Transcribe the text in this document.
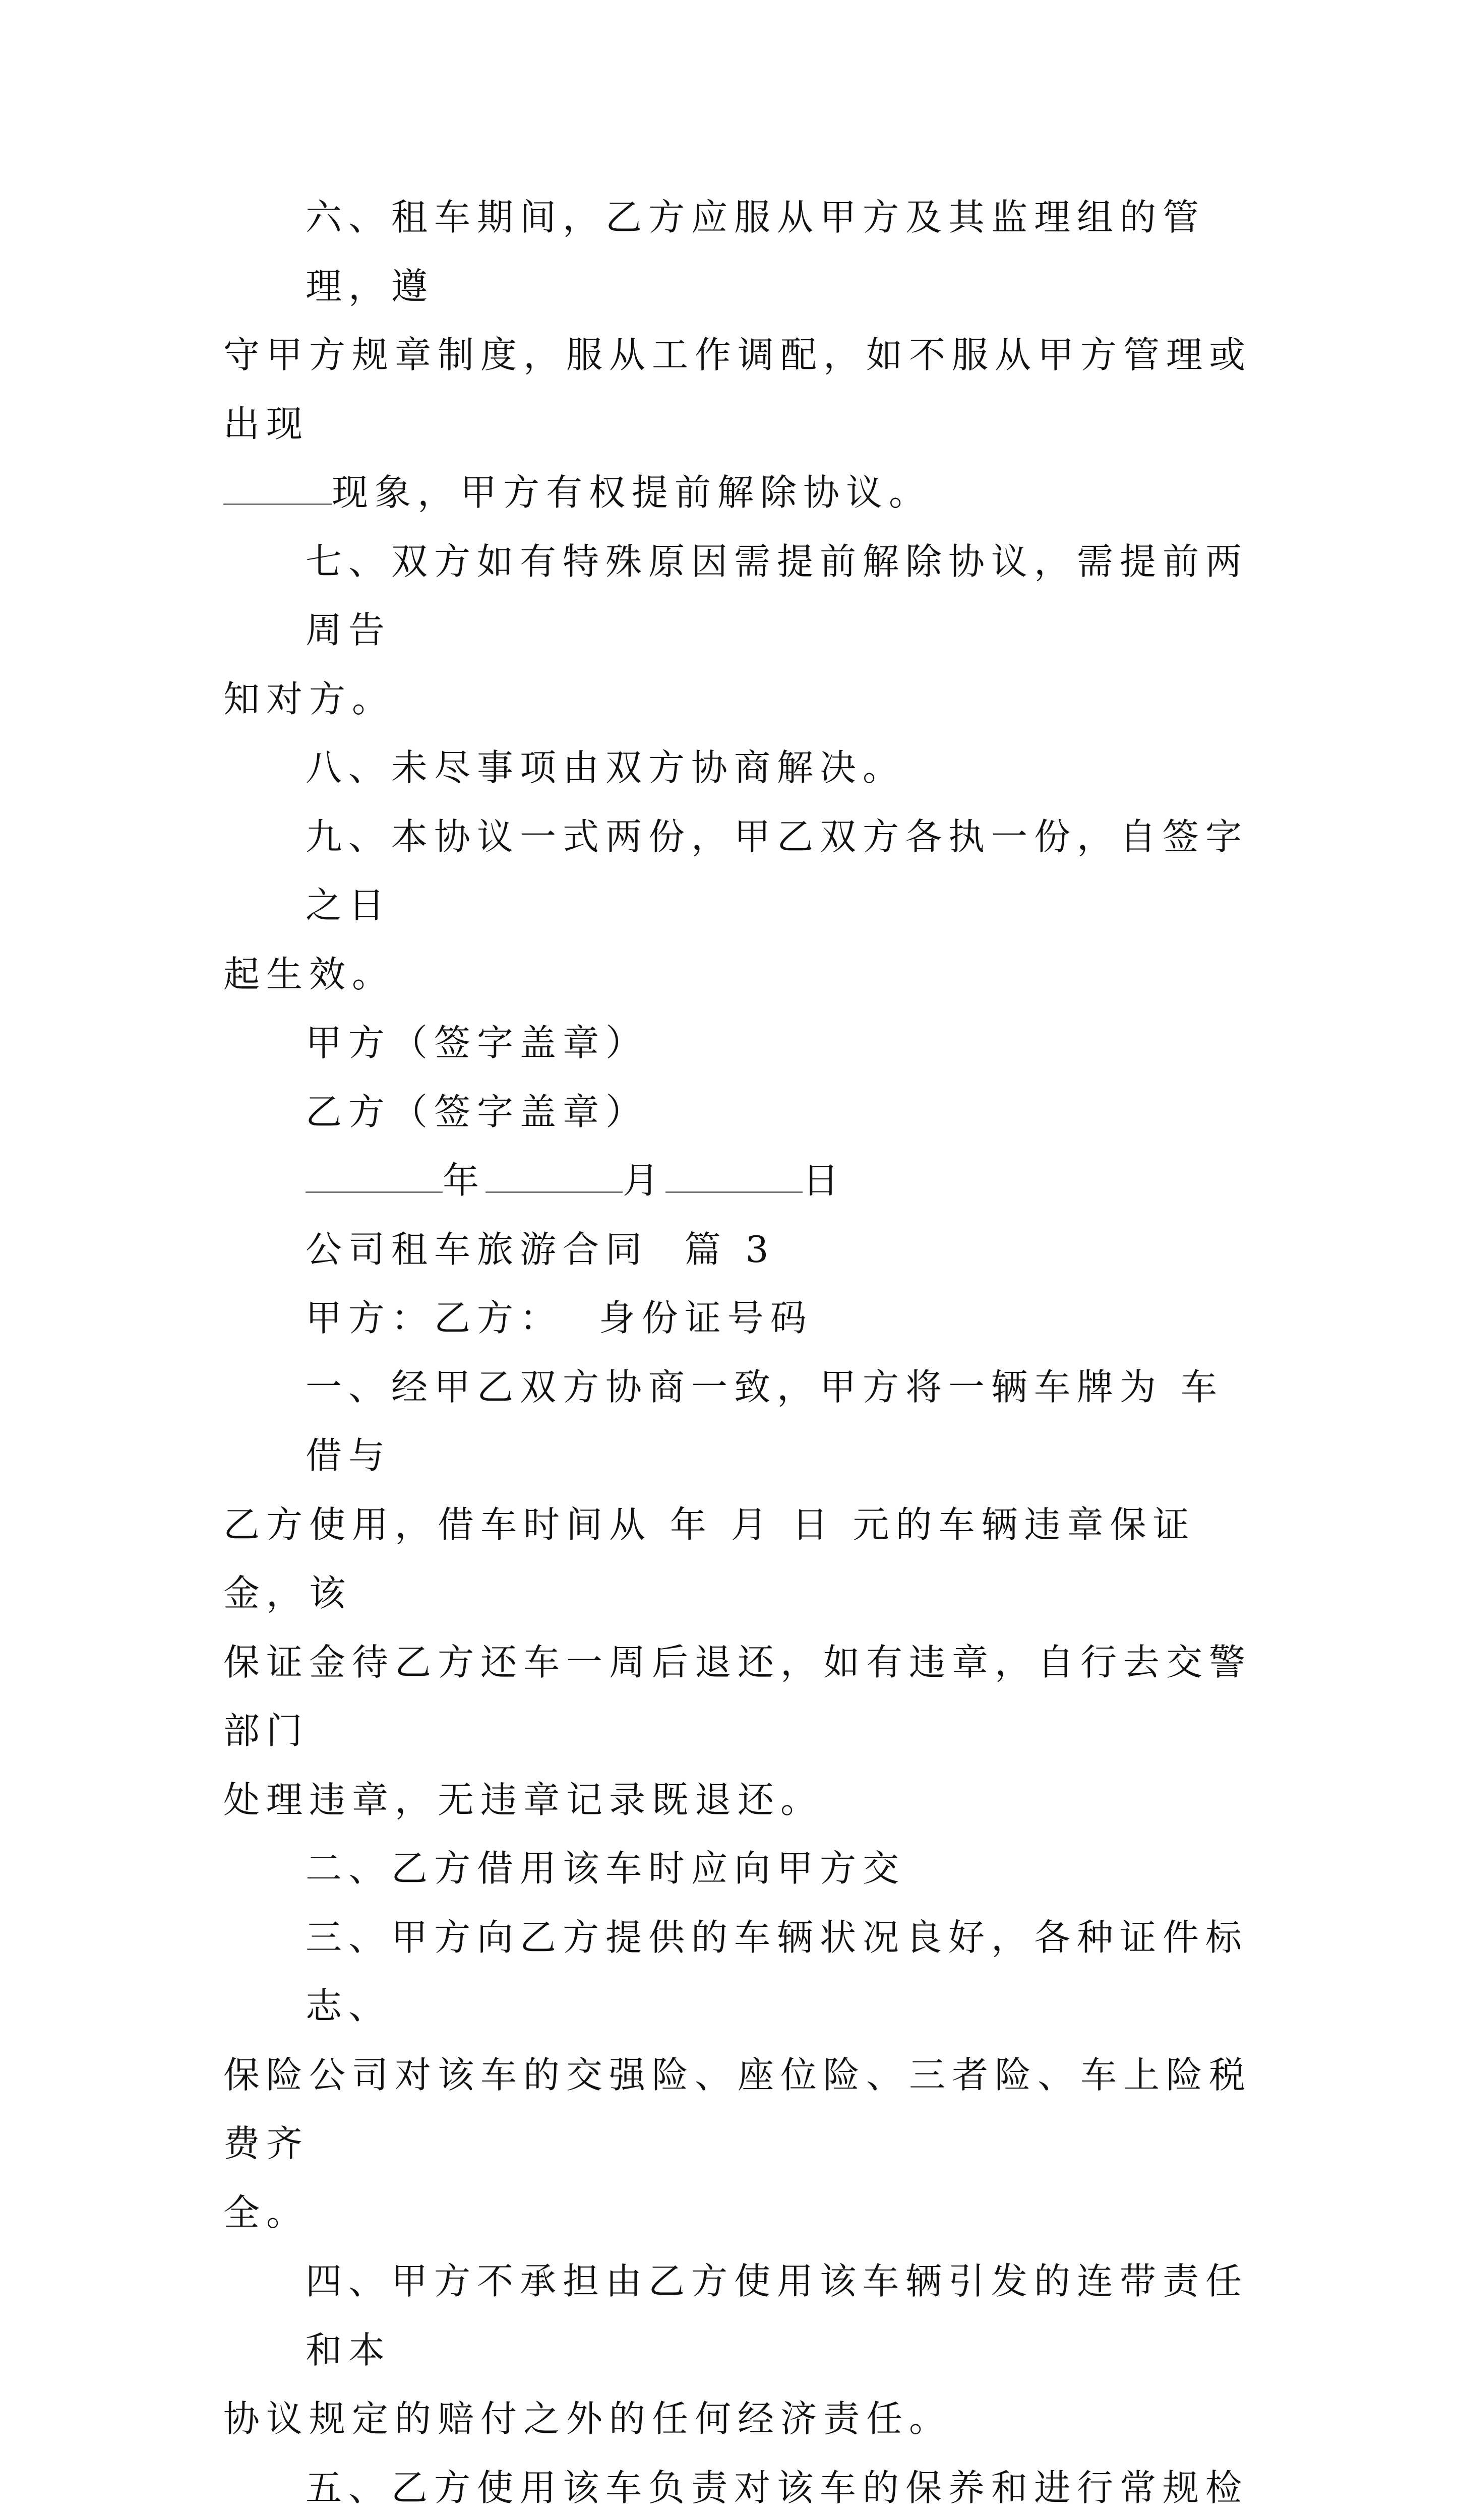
六、租车期间，乙方应服从甲方及其监理组的管理，遵
守甲方规章制度，服从工作调配，如不服从甲方管理或出现
现象，甲方有权提前解除协议。

七、双方如有特殊原因需提前解除协议，需提前两周告
知对方。

八、未尽事项由双方协商解决。

九、本协议一式两份，甲乙双方各执一份，自签字之日
起生效。

甲方（签字盖章）

乙方（签字盖章）

年	月	日

公司租车旅游合同  篇 3

甲方：乙方：  身份证号码

一、经甲乙双方协商一致，甲方将一辆车牌为 车借与
乙方使用，借车时间从 年 月 日 元的车辆违章保证金，该
保证金待乙方还车一周后退还，如有违章，自行去交警部门
处理违章，无违章记录既退还。

二、乙方借用该车时应向甲方交

三、甲方向乙方提供的车辆状况良好，各种证件标志、
保险公司对该车的交强险、座位险、三者险、车上险税费齐
全。

四、甲方不承担由乙方使用该车辆引发的连带责任和本
协议规定的赔付之外的任何经济责任。

五、乙方使用该车负责对该车的保养和进行常规检
